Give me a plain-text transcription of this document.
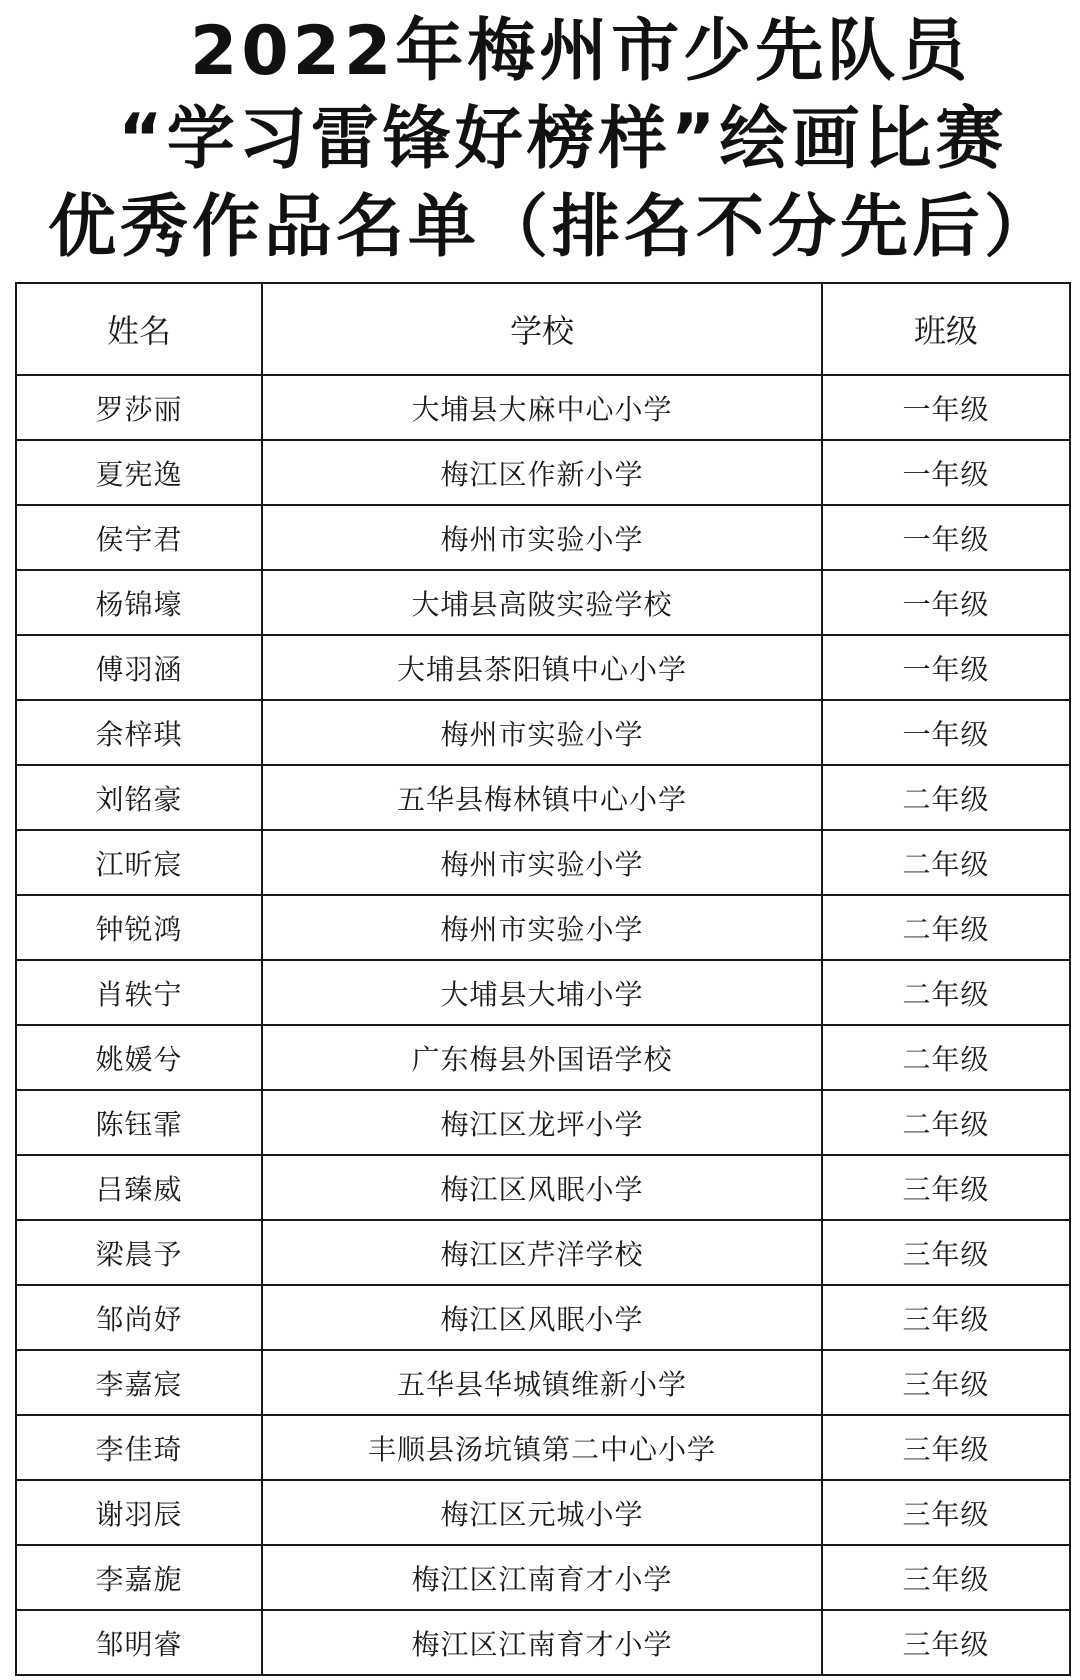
2022年梅州市少先队员
“学习雷锋好榜样”绘画比赛
优秀作品名单（排名不分先后）
姓名	学校	班级
罗莎丽	大埔县大麻中心小学	一年级
夏宪逸	梅江区作新小学	一年级
侯宇君	梅州市实验小学	一年级
杨锦壕	大埔县高陂实验学校	一年级
傅羽涵	大埔县茶阳镇中心小学	一年级
余梓琪	梅州市实验小学	一年级
刘铭豪	五华县梅林镇中心小学	二年级
江昕宸	梅州市实验小学	二年级
钟锐鸿	梅州市实验小学	二年级
肖轶宁	大埔县大埔小学	二年级
姚媛兮	广东梅县外国语学校	二年级
陈钰霏	梅江区龙坪小学	二年级
吕臻威	梅江区风眠小学	三年级
梁晨予	梅江区芹洋学校	三年级
邹尚妤	梅江区风眠小学	三年级
李嘉宸	五华县华城镇维新小学	三年级
李佳琦	丰顺县汤坑镇第二中心小学	三年级
谢羽辰	梅江区元城小学	三年级
李嘉旎	梅江区江南育才小学	三年级
邹明睿	梅江区江南育才小学	三年级
